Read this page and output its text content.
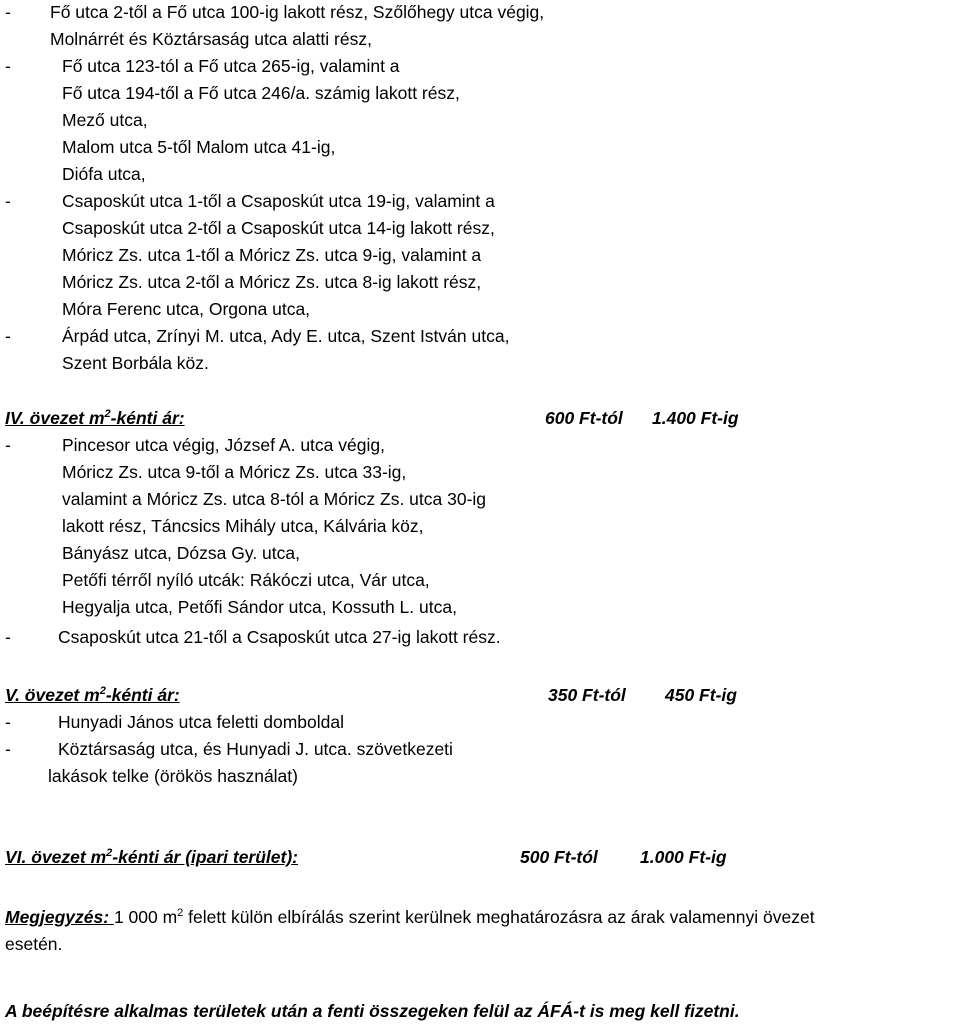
- Fő utca 2-től a Fő utca 100-ig lakott rész, Szőlőhegy utca végig,
Molnárrét és Köztársaság utca alatti rész,
-	Fő utca 123-tól a Fő utca 265-ig, valamint a
Fő utca 194-től a Fő utca 246/a. számig lakott rész,
Mező utca,
Malom utca 5-től Malom utca 41-ig,
Diófa utca,
-	Csaposkút utca 1-től a Csaposkút utca 19-ig, valamint a
Csaposkút utca 2-től a Csaposkút utca 14-ig lakott rész,
Móricz Zs. utca 1-től a Móricz Zs. utca 9-ig, valamint a
Móricz Zs. utca 2-től a Móricz Zs. utca 8-ig lakott rész,
Móra Ferenc utca, Orgona utca,
-	Árpád utca, Zrínyi M. utca, Ady E. utca, Szent István utca,
Szent Borbála köz.
IV. övezet $m^2$-kénti ár:	600 Ft-tól 1.400 Ft-ig
-	Pincesor utca végig, József A. utca végig,
Móricz Zs. utca 9-től a Móricz Zs. utca 33-ig,
valamint a Móricz Zs. utca 8-tól a Móricz Zs. utca 30-ig
lakott rész, Táncsics Mihály utca, Kálvária köz,
Bányász utca, Dózsa Gy. utca,
Petőfi térről nyíló utcák: Rákóczi utca, Vár utca,
Hegyalja utca, Petőfi Sándor utca, Kossuth L. utca,
-	Csaposkút utca 21-től a Csaposkút utca 27-ig lakott rész.
V. övezet $m^2$-kénti ár:	350 Ft-tól 450 Ft-ig
-	Hunyadi János utca feletti domboldal
-	Köztársaság utca, és Hunyadi J. utca. szövetkezeti
lakások telke (örökös használat)
VI. övezet $m^2$-kénti ár (ipari terület):	500 Ft-tól 1.000 Ft-ig
Megjegyzés: 1 000 $m^2$ felett külön elbírálás szerint kerülnek meghatározásra az árak valamennyi övezet
esetén.
A beépítésre alkalmas területek után a fenti összegeken felül az ÁFÁ-t is meg kell fizetni.
